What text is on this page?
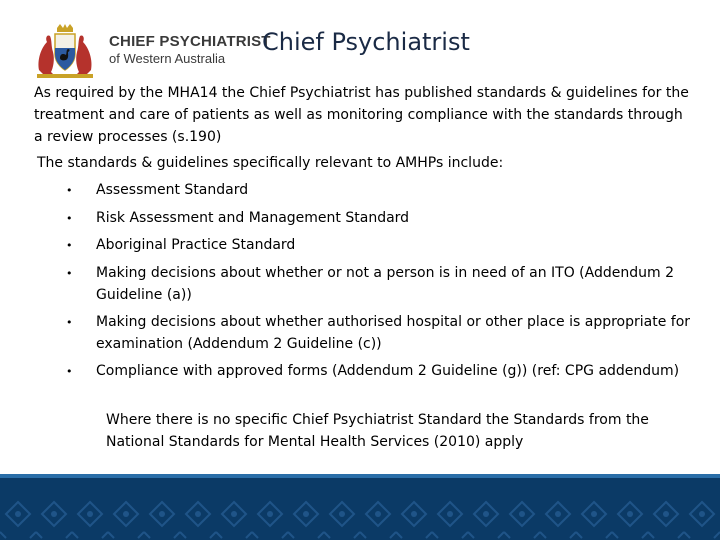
CHIEF PSYCHIATRIST
of Western Australia
Chief Psychiatrist

As required by the MHA14 the Chief Psychiatrist has published standards & guidelines for the treatment and care of patients as well as monitoring compliance with the standards through a review processes (s.190)

The standards & guidelines specifically relevant to AMHPs include:

• Assessment Standard
• Risk Assessment and Management Standard
• Aboriginal Practice Standard
• Making decisions about whether or not a person is in need of an ITO (Addendum 2 Guideline (a))
• Making decisions about whether authorised hospital or other place is appropriate for examination (Addendum 2 Guideline (c))
• Compliance with approved forms (Addendum 2 Guideline (g)) (ref: CPG addendum)

Where there is no specific Chief Psychiatrist Standard the Standards from the National Standards for Mental Health Services (2010) apply
